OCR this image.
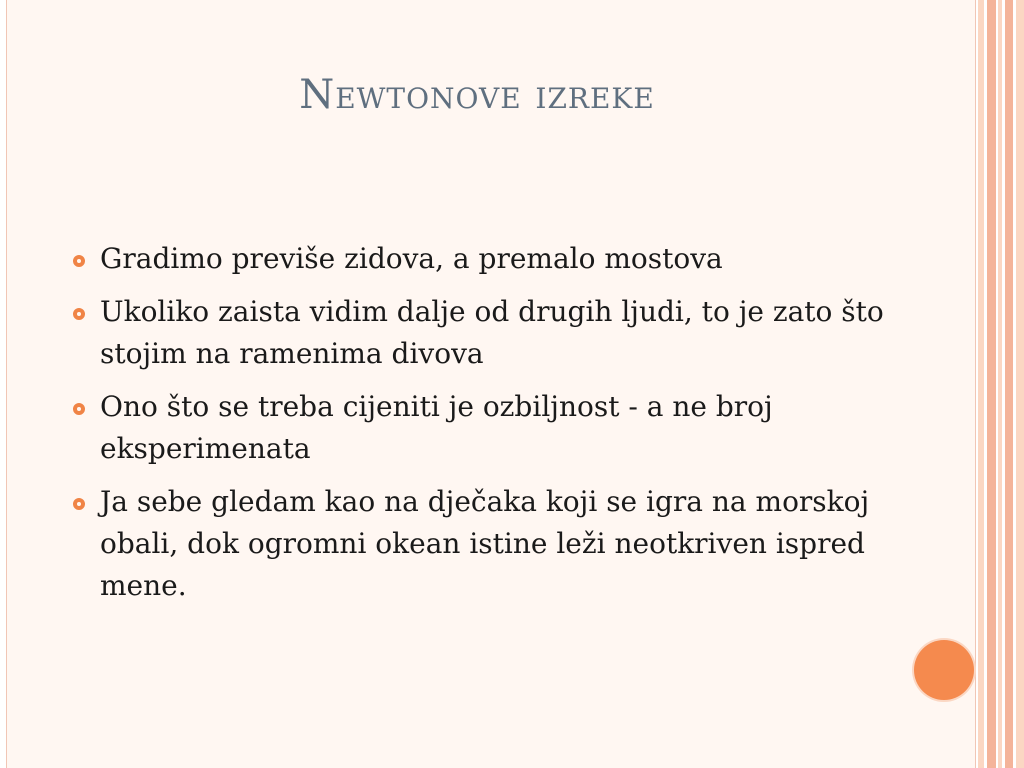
Newtonove izreke
Gradimo previše zidova, a premalo mostova
Ukoliko zaista vidim dalje od drugih ljudi, to je zato što stojim na ramenima divova
Ono što se treba cijeniti je ozbiljnost - a ne broj eksperimenata
Ja sebe gledam kao na dječaka koji se igra na morskoj obali, dok ogromni okean istine leži neotkriven ispred mene.
